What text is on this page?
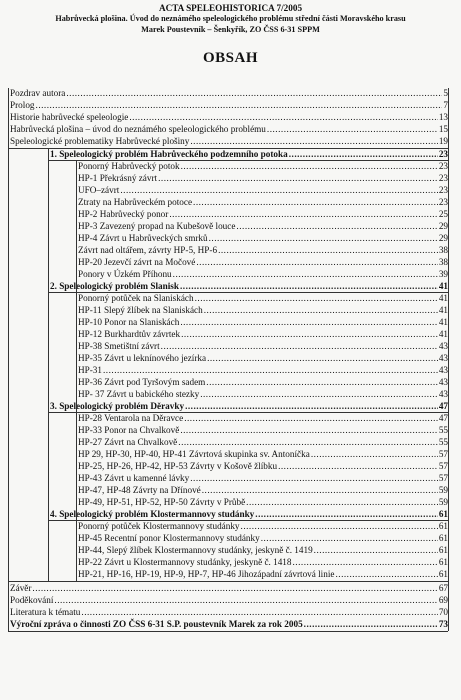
ACTA SPELEOHISTORICA 7/2005
Habrůvecká plošina. Úvod do neznámého speleologického problému střední části Moravského krasu
Marek Poustevník – Šenkyřík, ZO ČSS 6-31 SPPM
OBSAH
Pozdrav autora .....	5
Prolog .....	7
Historie habrůvecké speleologie .....	13
Habrůvecká plošina – úvod do neznámého speleologického problému .....	15
Speleologické problematiky Habrůvecké plošiny .....	19
1. Speleologický problém Habrůveckého podzemního potoka .....	23
Ponorný Habrůvecký potok .....	23
HP-1 Překrásný závrt .....	23
UFO–závrt .....	23
Ztraty na Habrůveckém potoce .....	23
HP-2 Habrůvecký ponor .....	25
HP-3 Zavezený propad na Kubešově louce .....	29
HP-4 Závrt u Habrůveckých smrků .....	29
Závrt nad oltářem, závrty HP-5, HP-6 .....	38
HP-20 Jezevčí závrt na Močové .....	38
Ponory v Úzkém Příhonu .....	39
2. Speleologický problém Slanisk .....	41
Ponorný potůček na Slaniskách .....	41
HP-11 Slepý žlíbek na Slaniskách .....	41
HP-10 Ponor na Slaniskách .....	41
HP-12 Burkhardtův závrtek .....	41
HP-38 Smetištní závrt .....	43
HP-35 Závrt u leknínového jezírka .....	43
HP-31 .....	43
HP-36 Závrt pod Tyršovým sadem .....	43
HP- 37 Závrt u babického stezky .....	43
3. Speleologický problém Děravky .....	47
HP-28 Ventarola na Děravce .....	47
HP-33 Ponor na Chvalkově .....	55
HP-27 Závrt na Chvalkově .....	55
HP 29, HP-30, HP-40, HP-41 Závrtová skupinka sv. Antoníčka .....	57
HP-25, HP-26, HP-42, HP-53 Závrty v Košově žlíbku .....	57
HP-43 Závrt u kamenné lávky .....	57
HP-47, HP-48 Závrty na Dřínové .....	59
HP-49, HP-51, HP-52, HP-50 Závrty v Průbě .....	59
4. Speleologický problém Klostermannovy studánky .....	61
Ponorný potůček Klostermannovy studánky .....	61
HP-45 Recentní ponor Klostermannovy studánky .....	61
HP-44, Slepý žlíbek Klostermannovy studánky, jeskyně č. 1419 .....	61
HP-22 Závrt u Klostermannovy studánky, jeskyně č. 1418 .....	61
HP-21, HP-16, HP-19, HP-9, HP-7, HP-46 Jihozápadní závrtová linie .....	61
Závěr .....	67
Poděkování .....	69
Literatura k tématu .....	70
Výroční zpráva o činnosti ZO ČSS 6-31 S.P. poustevník Marek za rok 2005 .....	73
